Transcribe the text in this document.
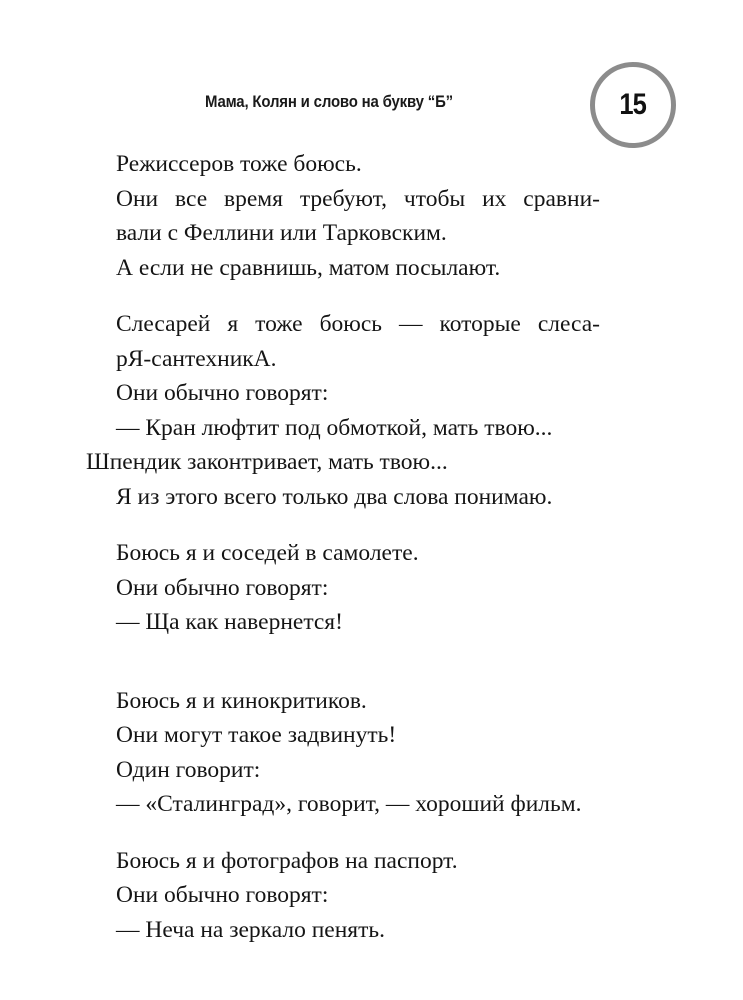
Мама, Колян и слово на букву “Б”	15
Режиссеров тоже боюсь.
Они все время требуют, чтобы их сравни-
вали с Феллини или Тарковским.
А если не сравнишь, матом посылают.
Слесарей я тоже боюсь — которые слеса-
рЯ-сантехникА.
Они обычно говорят:
— Кран люфтит под обмоткой, мать твою...
Шпендик законтривает, мать твою...
Я из этого всего только два слова понимаю.
Боюсь я и соседей в самолете.
Они обычно говорят:
— Ща как навернется!
Боюсь я и кинокритиков.
Они могут такое задвинуть!
Один говорит:
— «Сталинград», говорит, — хороший фильм.
Боюсь я и фотографов на паспорт.
Они обычно говорят:
— Неча на зеркало пенять.
